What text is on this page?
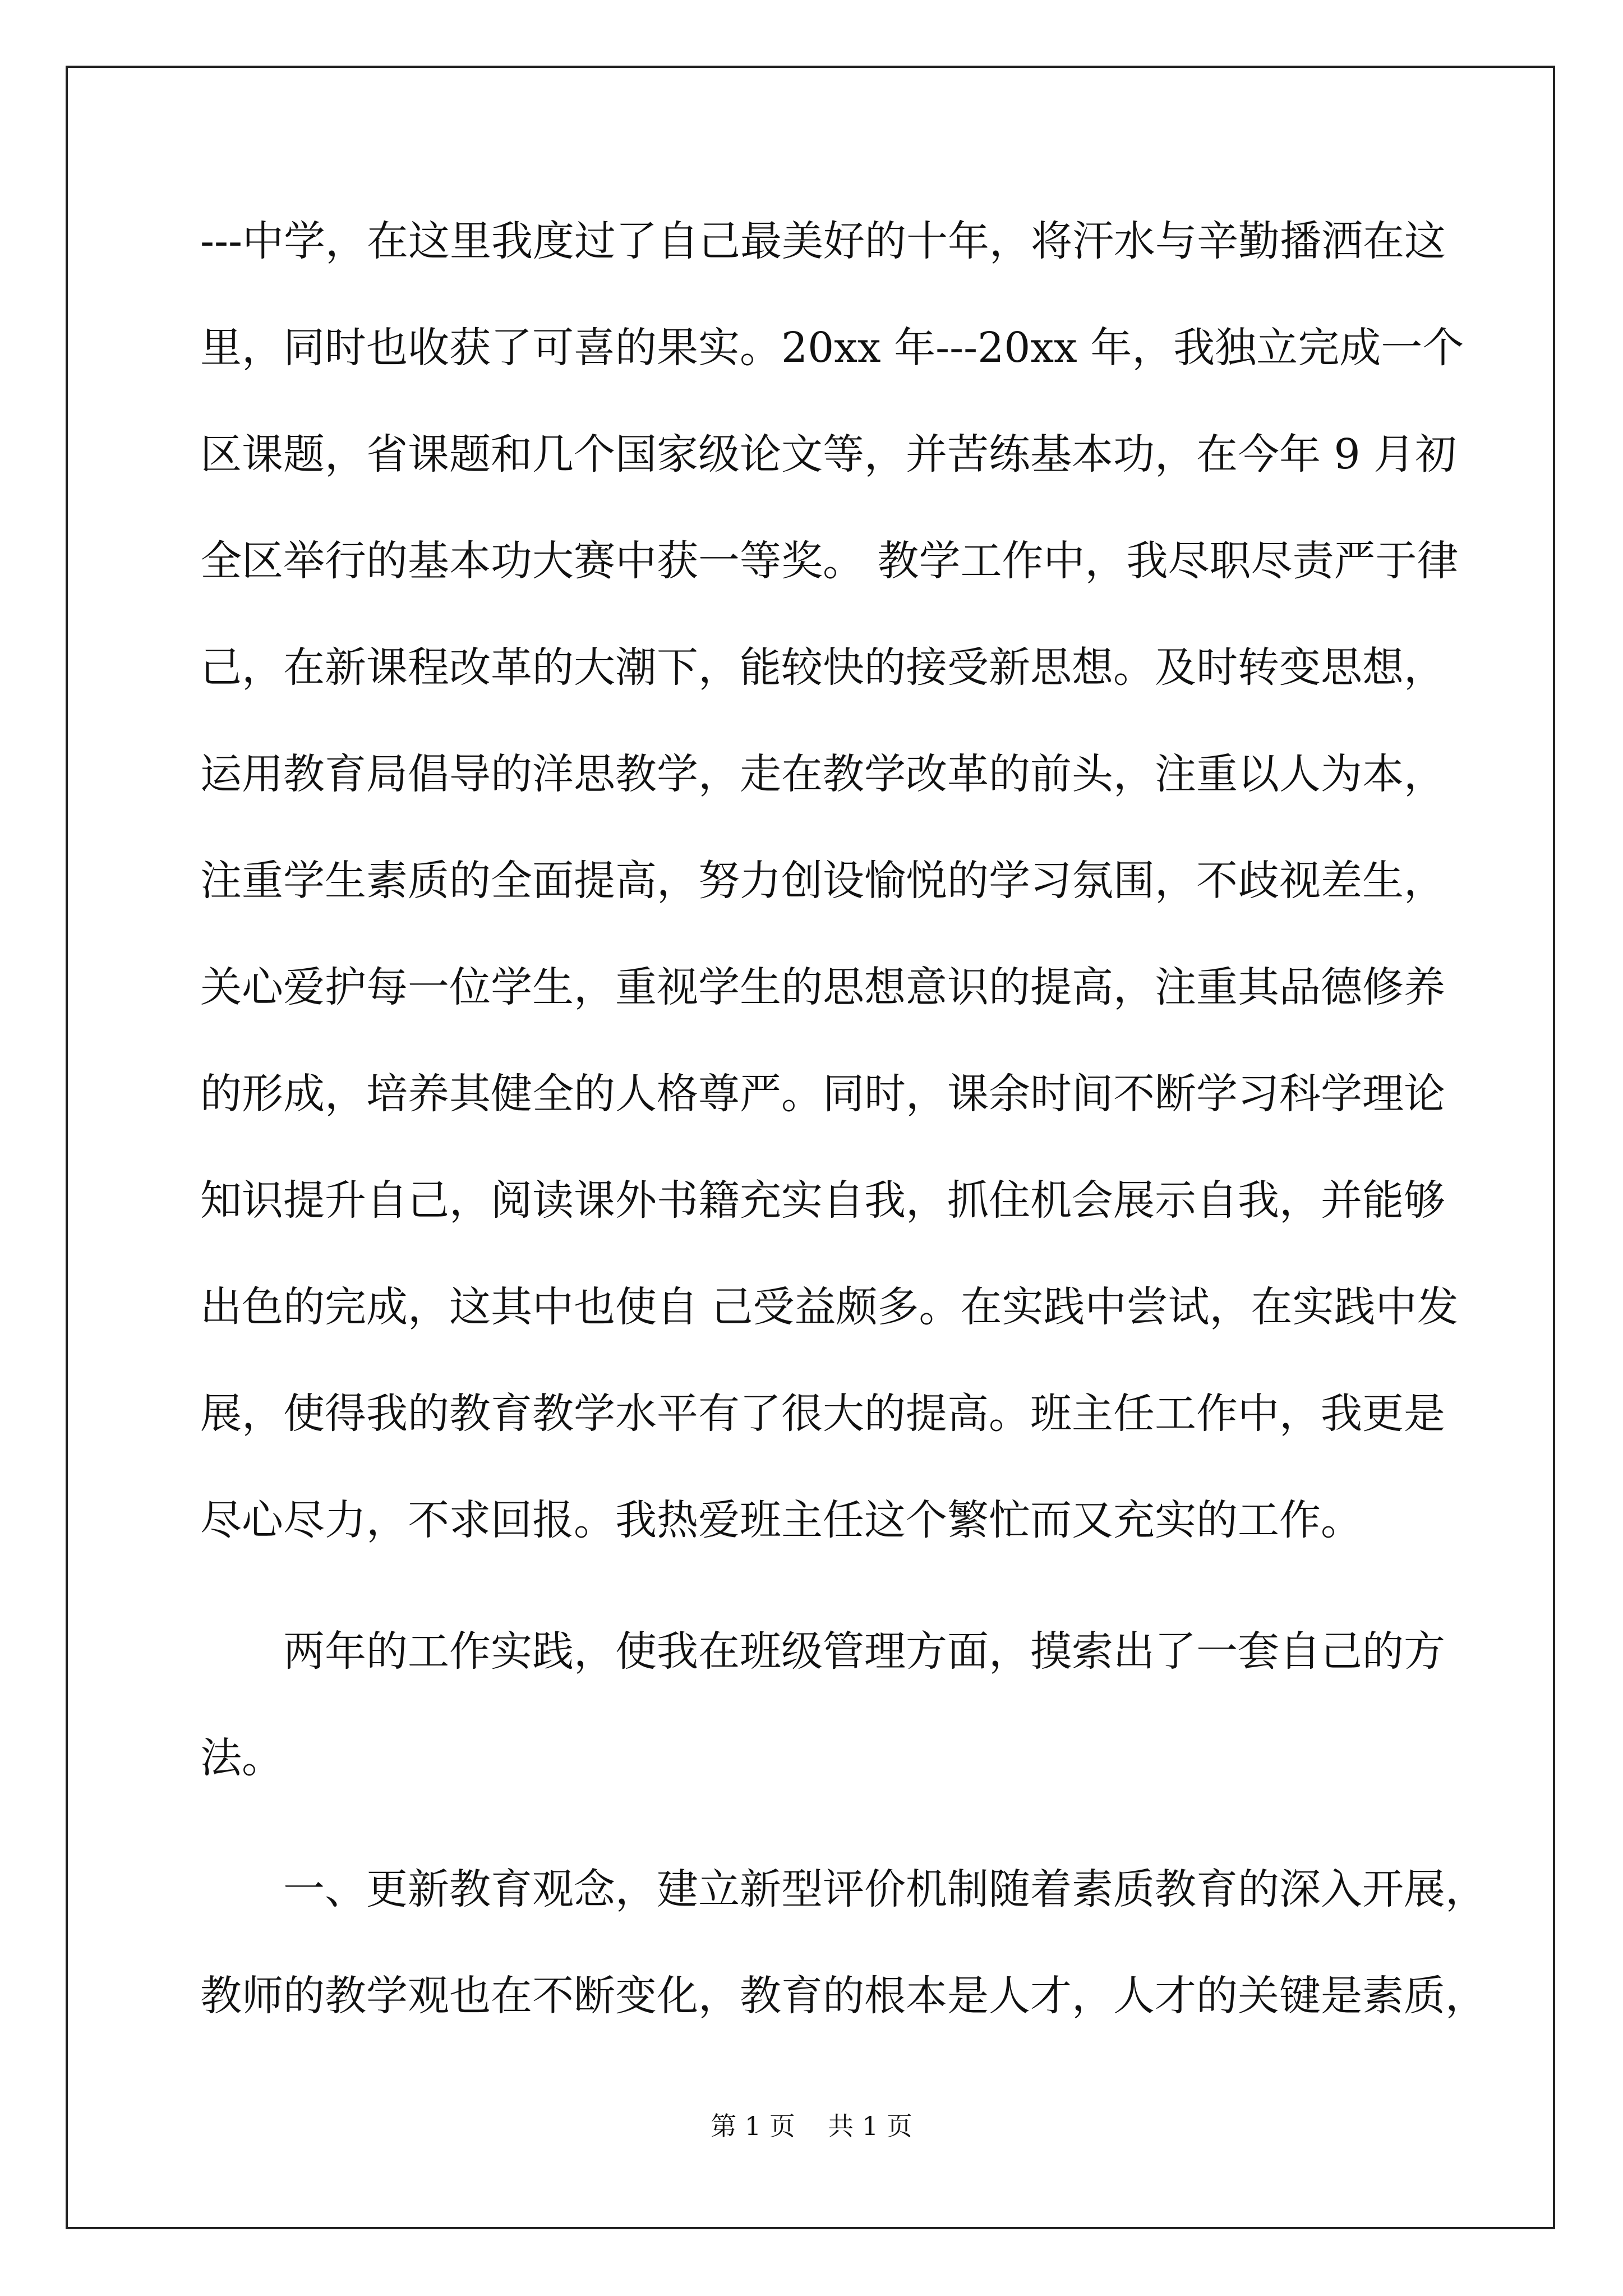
---中学，在这里我度过了自己最美好的十年，将汗水与辛勤播洒在这
里，同时也收获了可喜的果实。20xx 年---20xx 年，我独立完成一个
区课题，省课题和几个国家级论文等，并苦练基本功，在今年 9 月初
全区举行的基本功大赛中获一等奖。 教学工作中，我尽职尽责严于律
己，在新课程改革的大潮下，能较快的接受新思想。及时转变思想，
运用教育局倡导的洋思教学，走在教学改革的前头，注重以人为本，
注重学生素质的全面提高，努力创设愉悦的学习氛围，不歧视差生，
关心爱护每一位学生，重视学生的思想意识的提高，注重其品德修养
的形成，培养其健全的人格尊严。同时，课余时间不断学习科学理论
知识提升自己，阅读课外书籍充实自我，抓住机会展示自我，并能够
出色的完成，这其中也使自 己受益颇多。在实践中尝试，在实践中发
展，使得我的教育教学水平有了很大的提高。班主任工作中，我更是
尽心尽力，不求回报。我热爱班主任这个繁忙而又充实的工作。
两年的工作实践，使我在班级管理方面，摸索出了一套自己的方
法。
一、更新教育观念，建立新型评价机制随着素质教育的深入开展，
教师的教学观也在不断变化，教育的根本是人才，人才的关键是素质，
第 1 页    共 1 页
